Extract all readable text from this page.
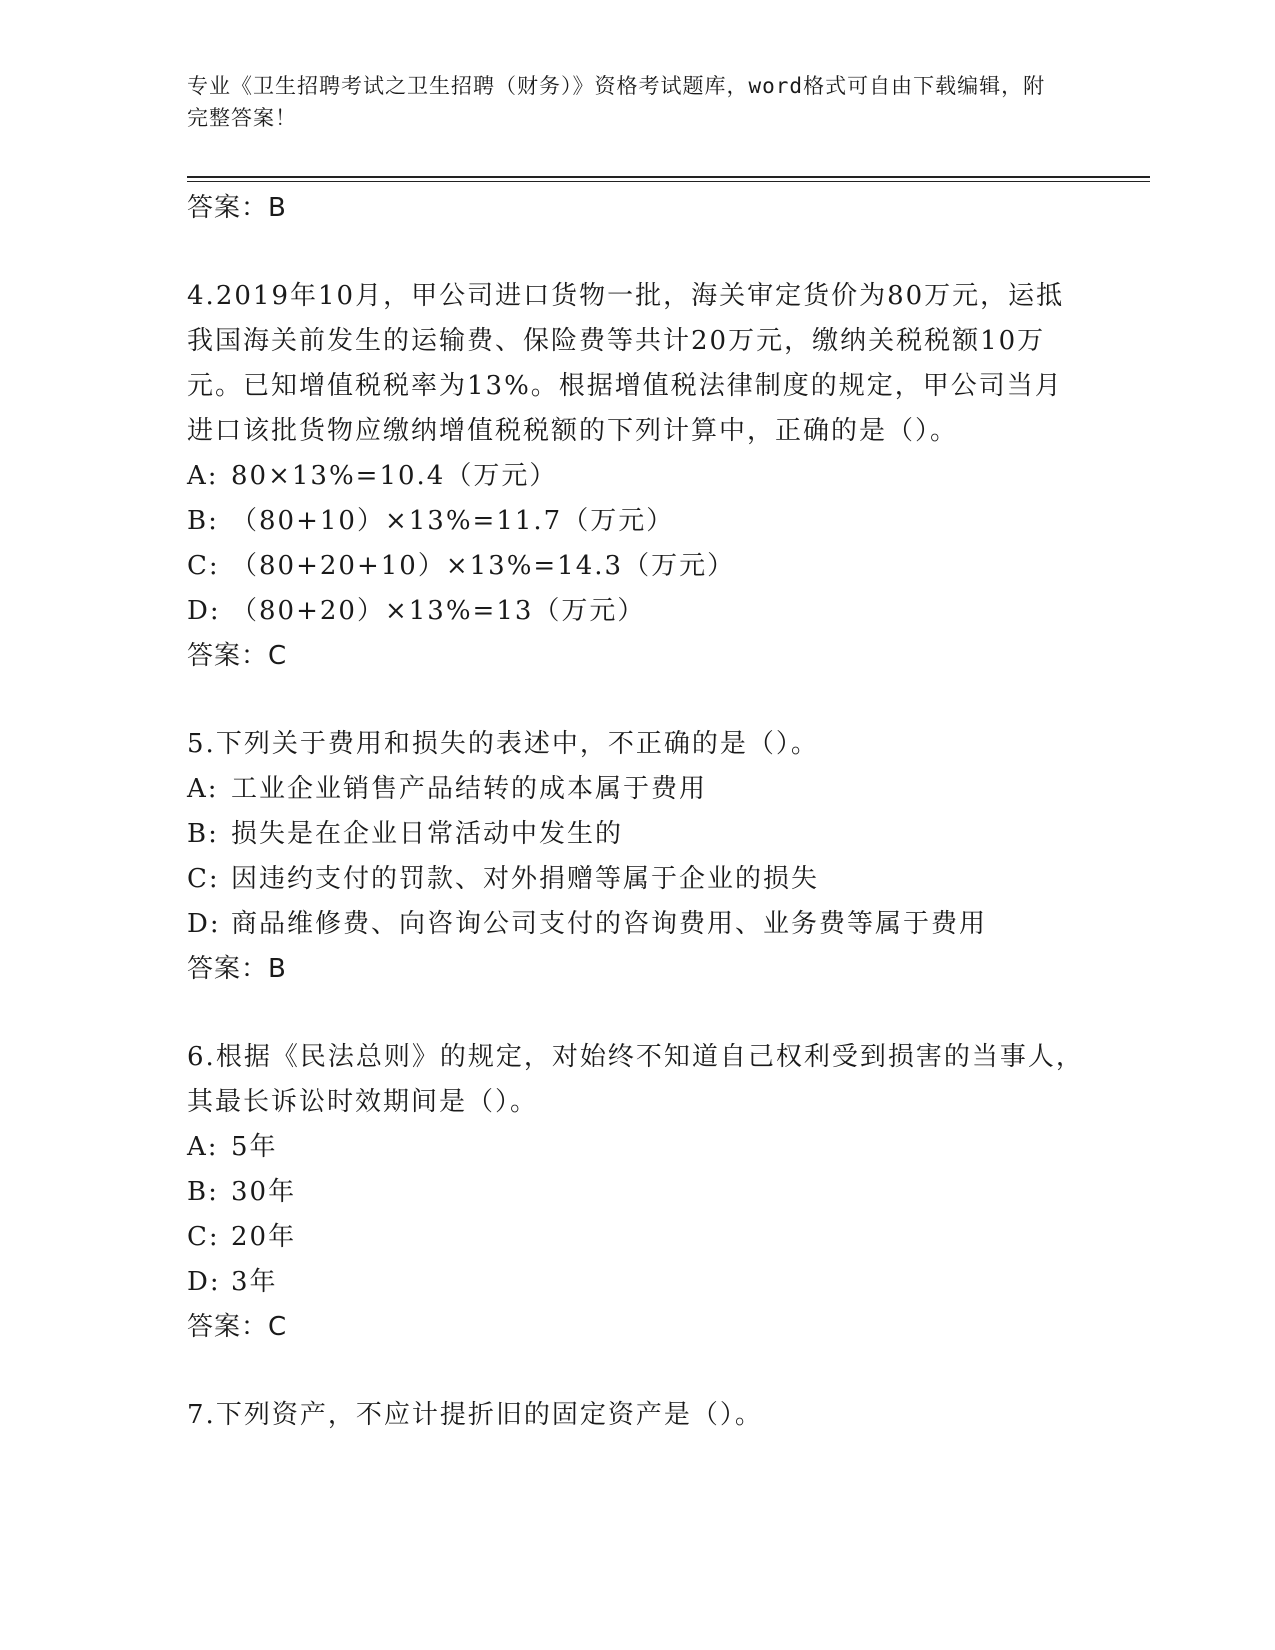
专业《卫生招聘考试之卫生招聘（财务）》资格考试题库，word格式可自由下载编辑，附完整答案！
答案：B

4.2019年10月，甲公司进口货物一批，海关审定货价为80万元，运抵我国海关前发生的运输费、保险费等共计20万元，缴纳关税税额10万元。已知增值税税率为13%。根据增值税法律制度的规定，甲公司当月进口该批货物应缴纳增值税税额的下列计算中，正确的是（）。

A: 80×13%=10.4（万元）
B: （80+10）×13%=11.7（万元）
C: （80+20+10）×13%=14.3（万元）
D: （80+20）×13%=13（万元）
答案：C

5.下列关于费用和损失的表述中，不正确的是（）。

A: 工业企业销售产品结转的成本属于费用
B: 损失是在企业日常活动中发生的
C: 因违约支付的罚款、对外捐赠等属于企业的损失
D: 商品维修费、向咨询公司支付的咨询费用、业务费等属于费用
答案：B

6.根据《民法总则》的规定，对始终不知道自己权利受到损害的当事人，其最长诉讼时效期间是（）。

A: 5年
B: 30年
C: 20年
D: 3年
答案：C

7.下列资产，不应计提折旧的固定资产是（）。
